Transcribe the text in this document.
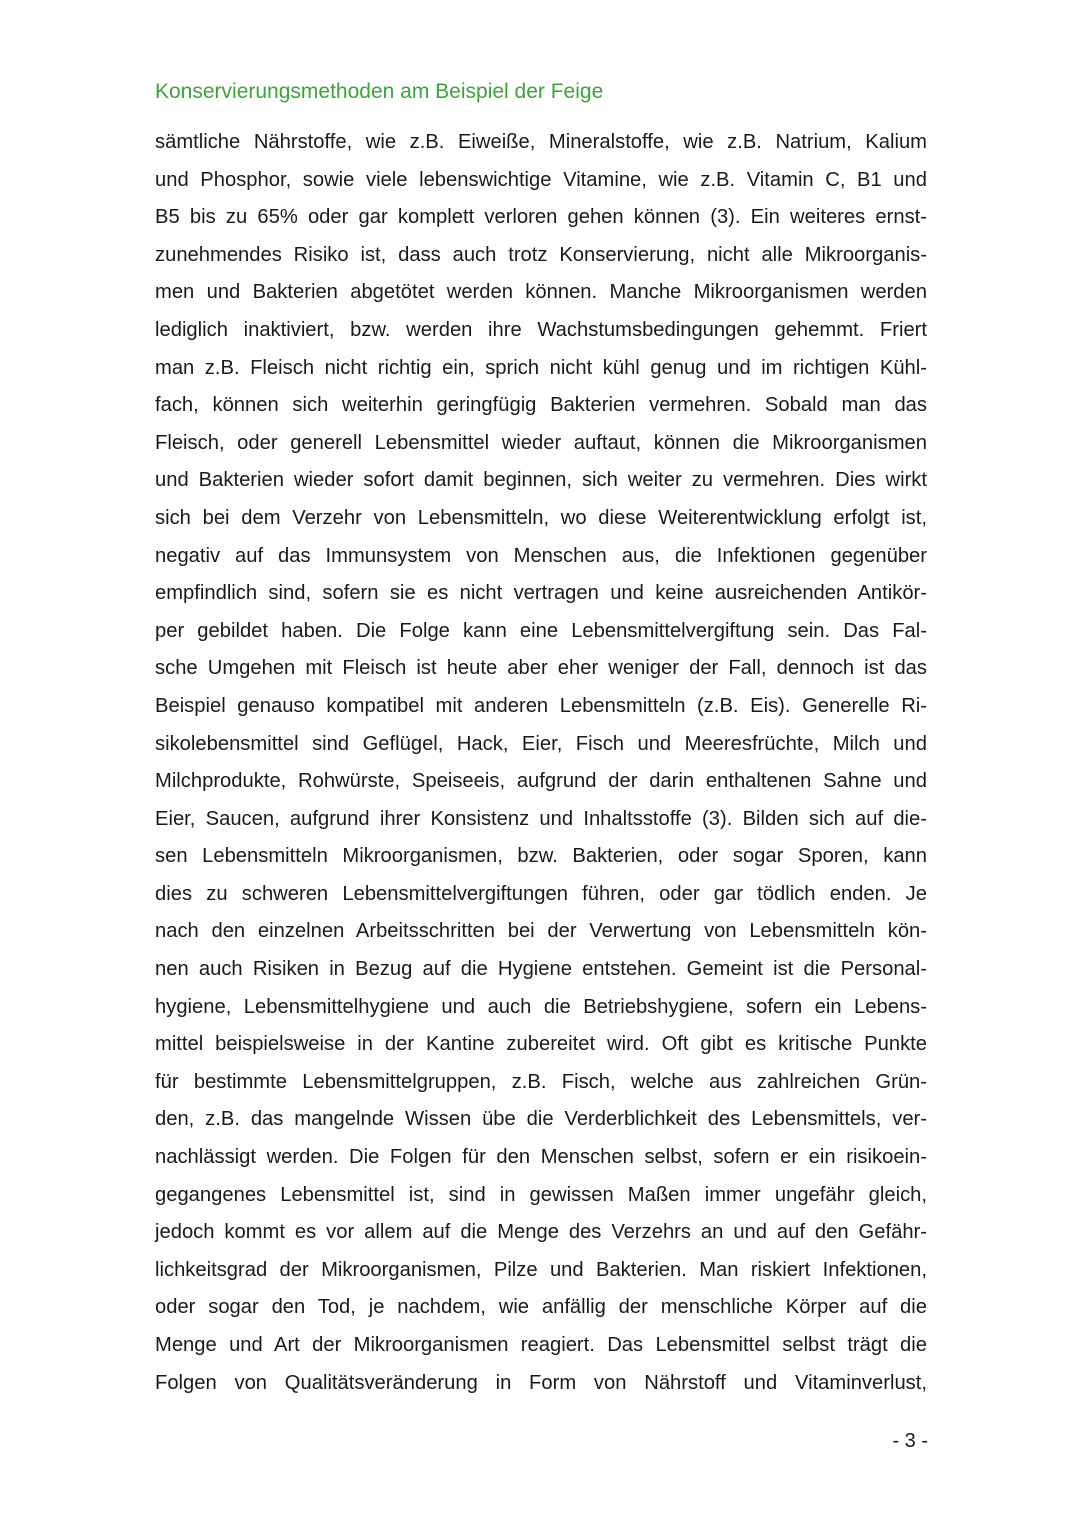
Konservierungsmethoden am Beispiel der Feige
sämtliche Nährstoffe, wie z.B. Eiweiße, Mineralstoffe, wie z.B. Natrium, Kalium
und Phosphor, sowie viele lebenswichtige Vitamine, wie z.B. Vitamin C, B1 und
B5 bis zu 65% oder gar komplett verloren gehen können (3). Ein weiteres ernst-
zunehmendes Risiko ist, dass auch trotz Konservierung, nicht alle Mikroorganis-
men und Bakterien abgetötet werden können. Manche Mikroorganismen werden
lediglich inaktiviert, bzw. werden ihre Wachstumsbedingungen gehemmt. Friert
man z.B. Fleisch nicht richtig ein, sprich nicht kühl genug und im richtigen Kühl-
fach, können sich weiterhin geringfügig Bakterien vermehren. Sobald man das
Fleisch, oder generell Lebensmittel wieder auftaut, können die Mikroorganismen
und Bakterien wieder sofort damit beginnen, sich weiter zu vermehren. Dies wirkt
sich bei dem Verzehr von Lebensmitteln, wo diese Weiterentwicklung erfolgt ist,
negativ auf das Immunsystem von Menschen aus, die Infektionen gegenüber
empfindlich sind, sofern sie es nicht vertragen und keine ausreichenden Antikör-
per gebildet haben. Die Folge kann eine Lebensmittelvergiftung sein. Das Fal-
sche Umgehen mit Fleisch ist heute aber eher weniger der Fall, dennoch ist das
Beispiel genauso kompatibel mit anderen Lebensmitteln (z.B. Eis). Generelle Ri-
sikolebensmittel sind Geflügel, Hack, Eier, Fisch und Meeresfrüchte, Milch und
Milchprodukte, Rohwürste, Speiseeis, aufgrund der darin enthaltenen Sahne und
Eier, Saucen, aufgrund ihrer Konsistenz und Inhaltsstoffe (3). Bilden sich auf die-
sen Lebensmitteln Mikroorganismen, bzw. Bakterien, oder sogar Sporen, kann
dies zu schweren Lebensmittelvergiftungen führen, oder gar tödlich enden. Je
nach den einzelnen Arbeitsschritten bei der Verwertung von Lebensmitteln kön-
nen auch Risiken in Bezug auf die Hygiene entstehen. Gemeint ist die Personal-
hygiene, Lebensmittelhygiene und auch die Betriebshygiene, sofern ein Lebens-
mittel beispielsweise in der Kantine zubereitet wird. Oft gibt es kritische Punkte
für bestimmte Lebensmittelgruppen, z.B. Fisch, welche aus zahlreichen Grün-
den, z.B. das mangelnde Wissen übe die Verderblichkeit des Lebensmittels, ver-
nachlässigt werden. Die Folgen für den Menschen selbst, sofern er ein risikoein-
gegangenes Lebensmittel ist, sind in gewissen Maßen immer ungefähr gleich,
jedoch kommt es vor allem auf die Menge des Verzehrs an und auf den Gefähr-
lichkeitsgrad der Mikroorganismen, Pilze und Bakterien. Man riskiert Infektionen,
oder sogar den Tod, je nachdem, wie anfällig der menschliche Körper auf die
Menge und Art der Mikroorganismen reagiert. Das Lebensmittel selbst trägt die
Folgen von Qualitätsveränderung in Form von Nährstoff und Vitaminverlust,
- 3 -
